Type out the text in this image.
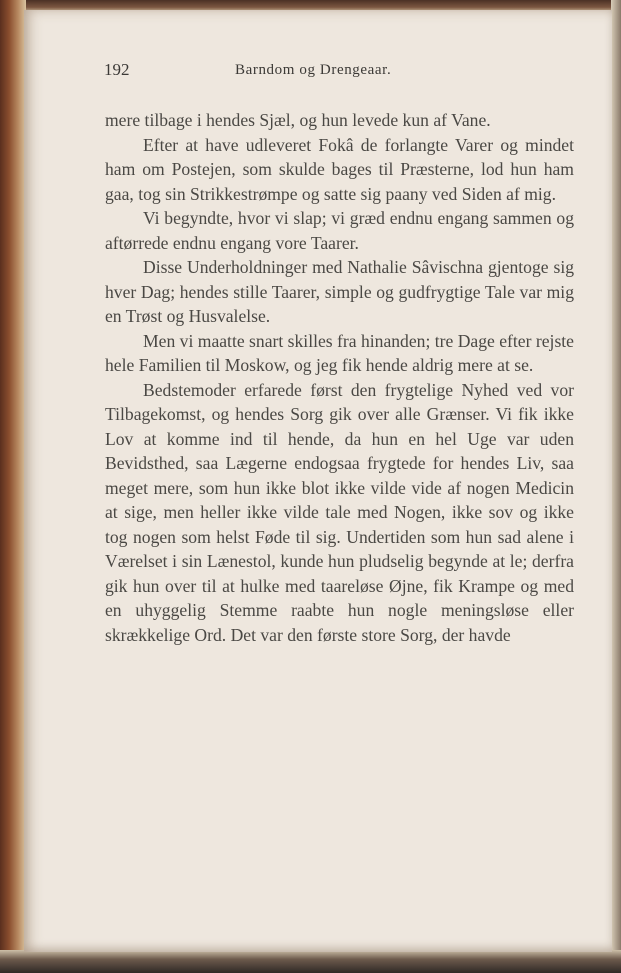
192	Barndom og Drengeaar.

mere tilbage i hendes Sjæl, og hun levede kun af Vane.

Efter at have udleveret Fokâ de forlangte Varer og mindet ham om Postejen, som skulde bages til Præsterne, lod hun ham gaa, tog sin Strikkestrømpe og satte sig paany ved Siden af mig.

Vi begyndte, hvor vi slap; vi græd endnu engang sammen og aftørrede endnu engang vore Taarer.

Disse Underholdninger med Nathalie Sâvischna gjentoge sig hver Dag; hendes stille Taarer, simple og gudfrygtige Tale var mig en Trøst og Husvalelse.

Men vi maatte snart skilles fra hinanden; tre Dage efter rejste hele Familien til Moskow, og jeg fik hende aldrig mere at se.

Bedstemoder erfarede først den frygtelige Nyhed ved vor Tilbagekomst, og hendes Sorg gik over alle Grænser. Vi fik ikke Lov at komme ind til hende, da hun en hel Uge var uden Bevidsthed, saa Lægerne endogsaa frygtede for hendes Liv, saa meget mere, som hun ikke blot ikke vilde vide af nogen Medicin at sige, men heller ikke vilde tale med Nogen, ikke sov og ikke tog nogen som helst Føde til sig. Undertiden som hun sad alene i Værelset i sin Lænestol, kunde hun pludselig begynde at le; derfra gik hun over til at hulke med taareløse Øjne, fik Krampe og med en uhyggelig Stemme raabte hun nogle meningsløse eller skrækkelige Ord. Det var den første store Sorg, der havde
